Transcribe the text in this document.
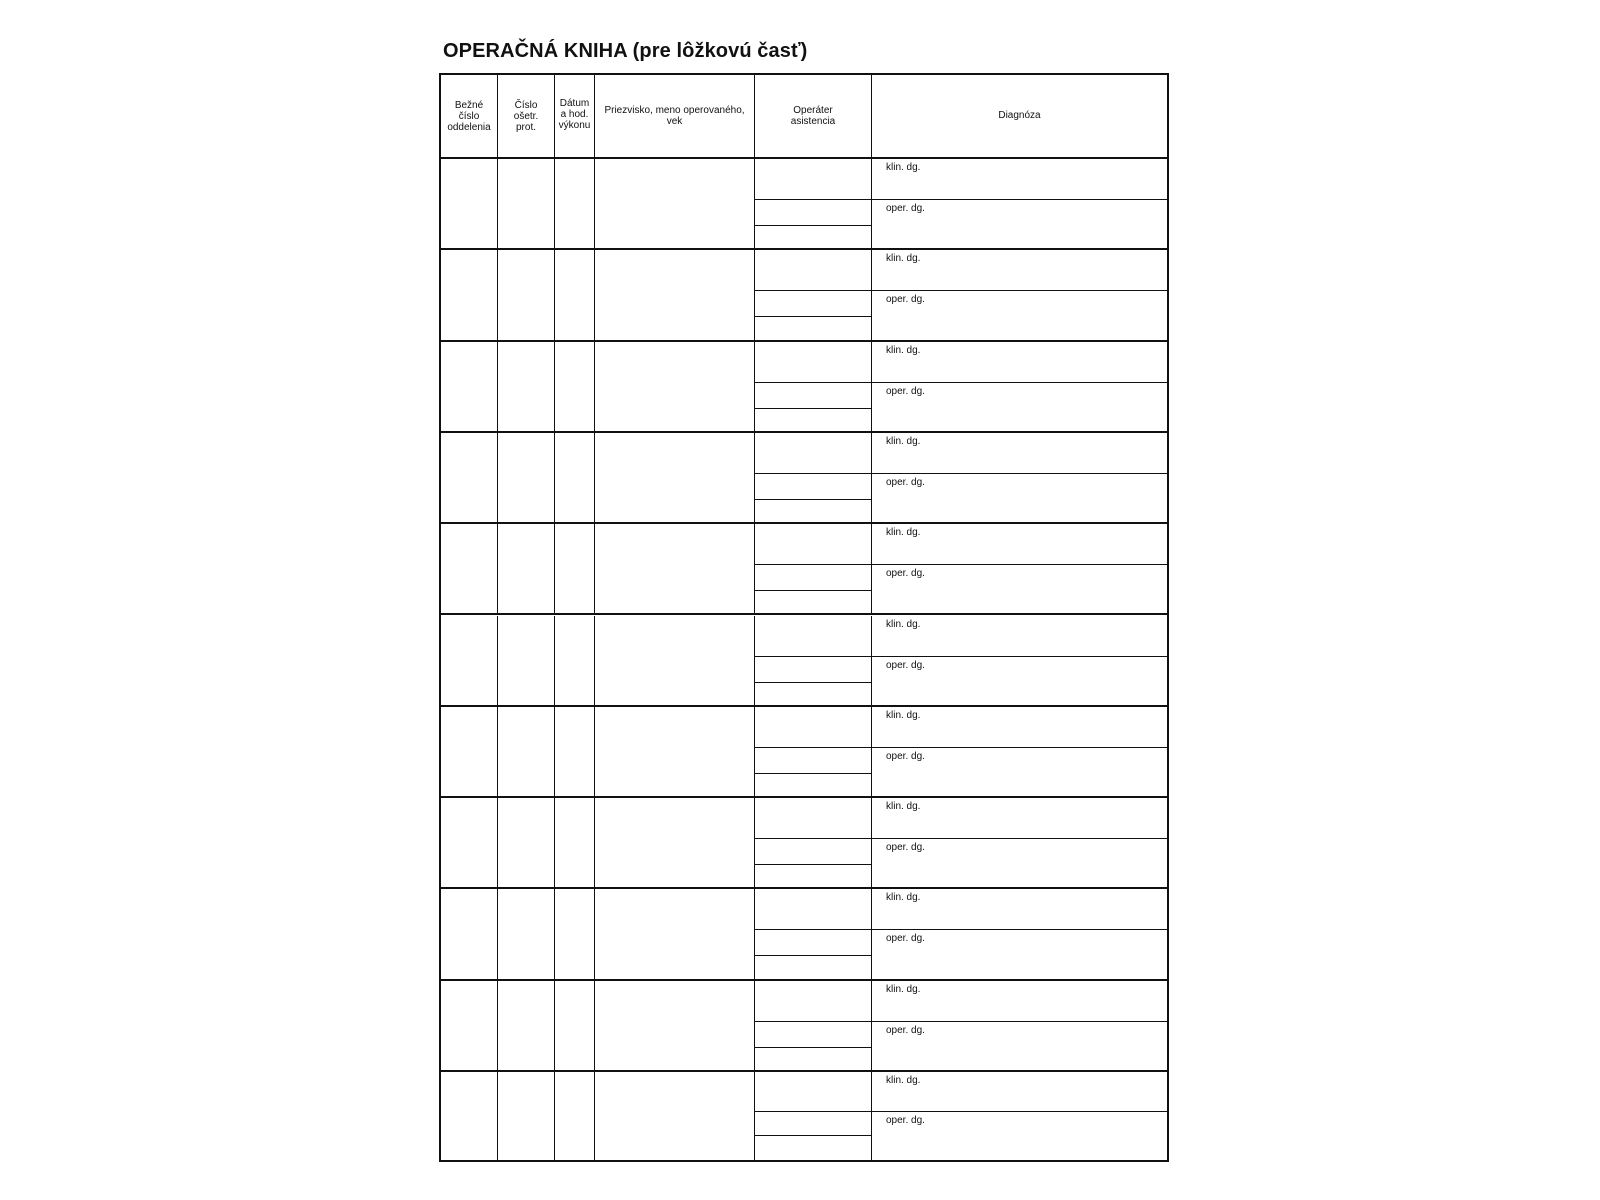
OPERAČNÁ KNIHA (pre lôžkovú časť)
Bežné
číslo
oddelenia
Číslo
ošetr.
prot.
Dátum
a hod.
výkonu
Priezvisko, meno operovaného,
vek
Operáter
asistencia
Diagnóza
klin. dg.
oper. dg.
klin. dg.
oper. dg.
klin. dg.
oper. dg.
klin. dg.
oper. dg.
klin. dg.
oper. dg.
klin. dg.
oper. dg.
klin. dg.
oper. dg.
klin. dg.
oper. dg.
klin. dg.
oper. dg.
klin. dg.
oper. dg.
klin. dg.
oper. dg.
